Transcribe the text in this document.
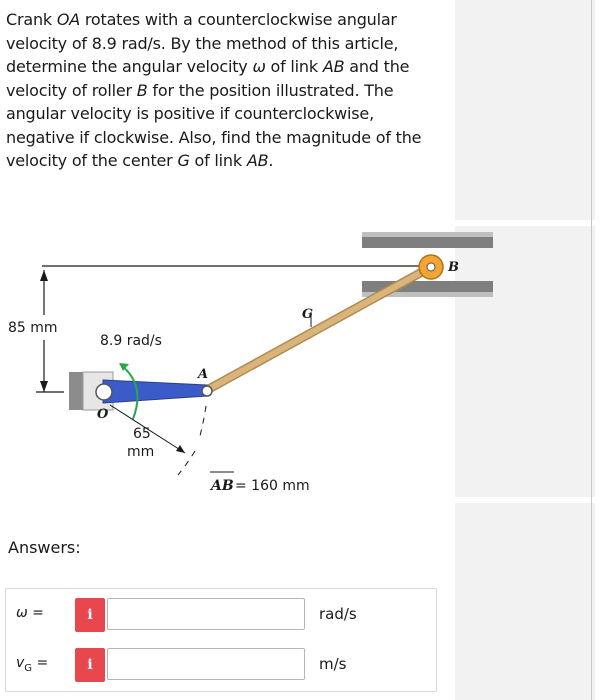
Crank OA rotates with a counterclockwise angular velocity of 8.9 rad/s. By the method of this article, determine the angular velocity ω of link AB and the velocity of roller B for the position illustrated. The angular velocity is positive if counterclockwise, negative if clockwise. Also, find the magnitude of the velocity of the center G of link AB.
85 mm
8.9 rad/s
65
mm
O
A
G
B
AB = 160 mm
Answers:
ω =	i	rad/s
$v_G$ =	i	m/s
